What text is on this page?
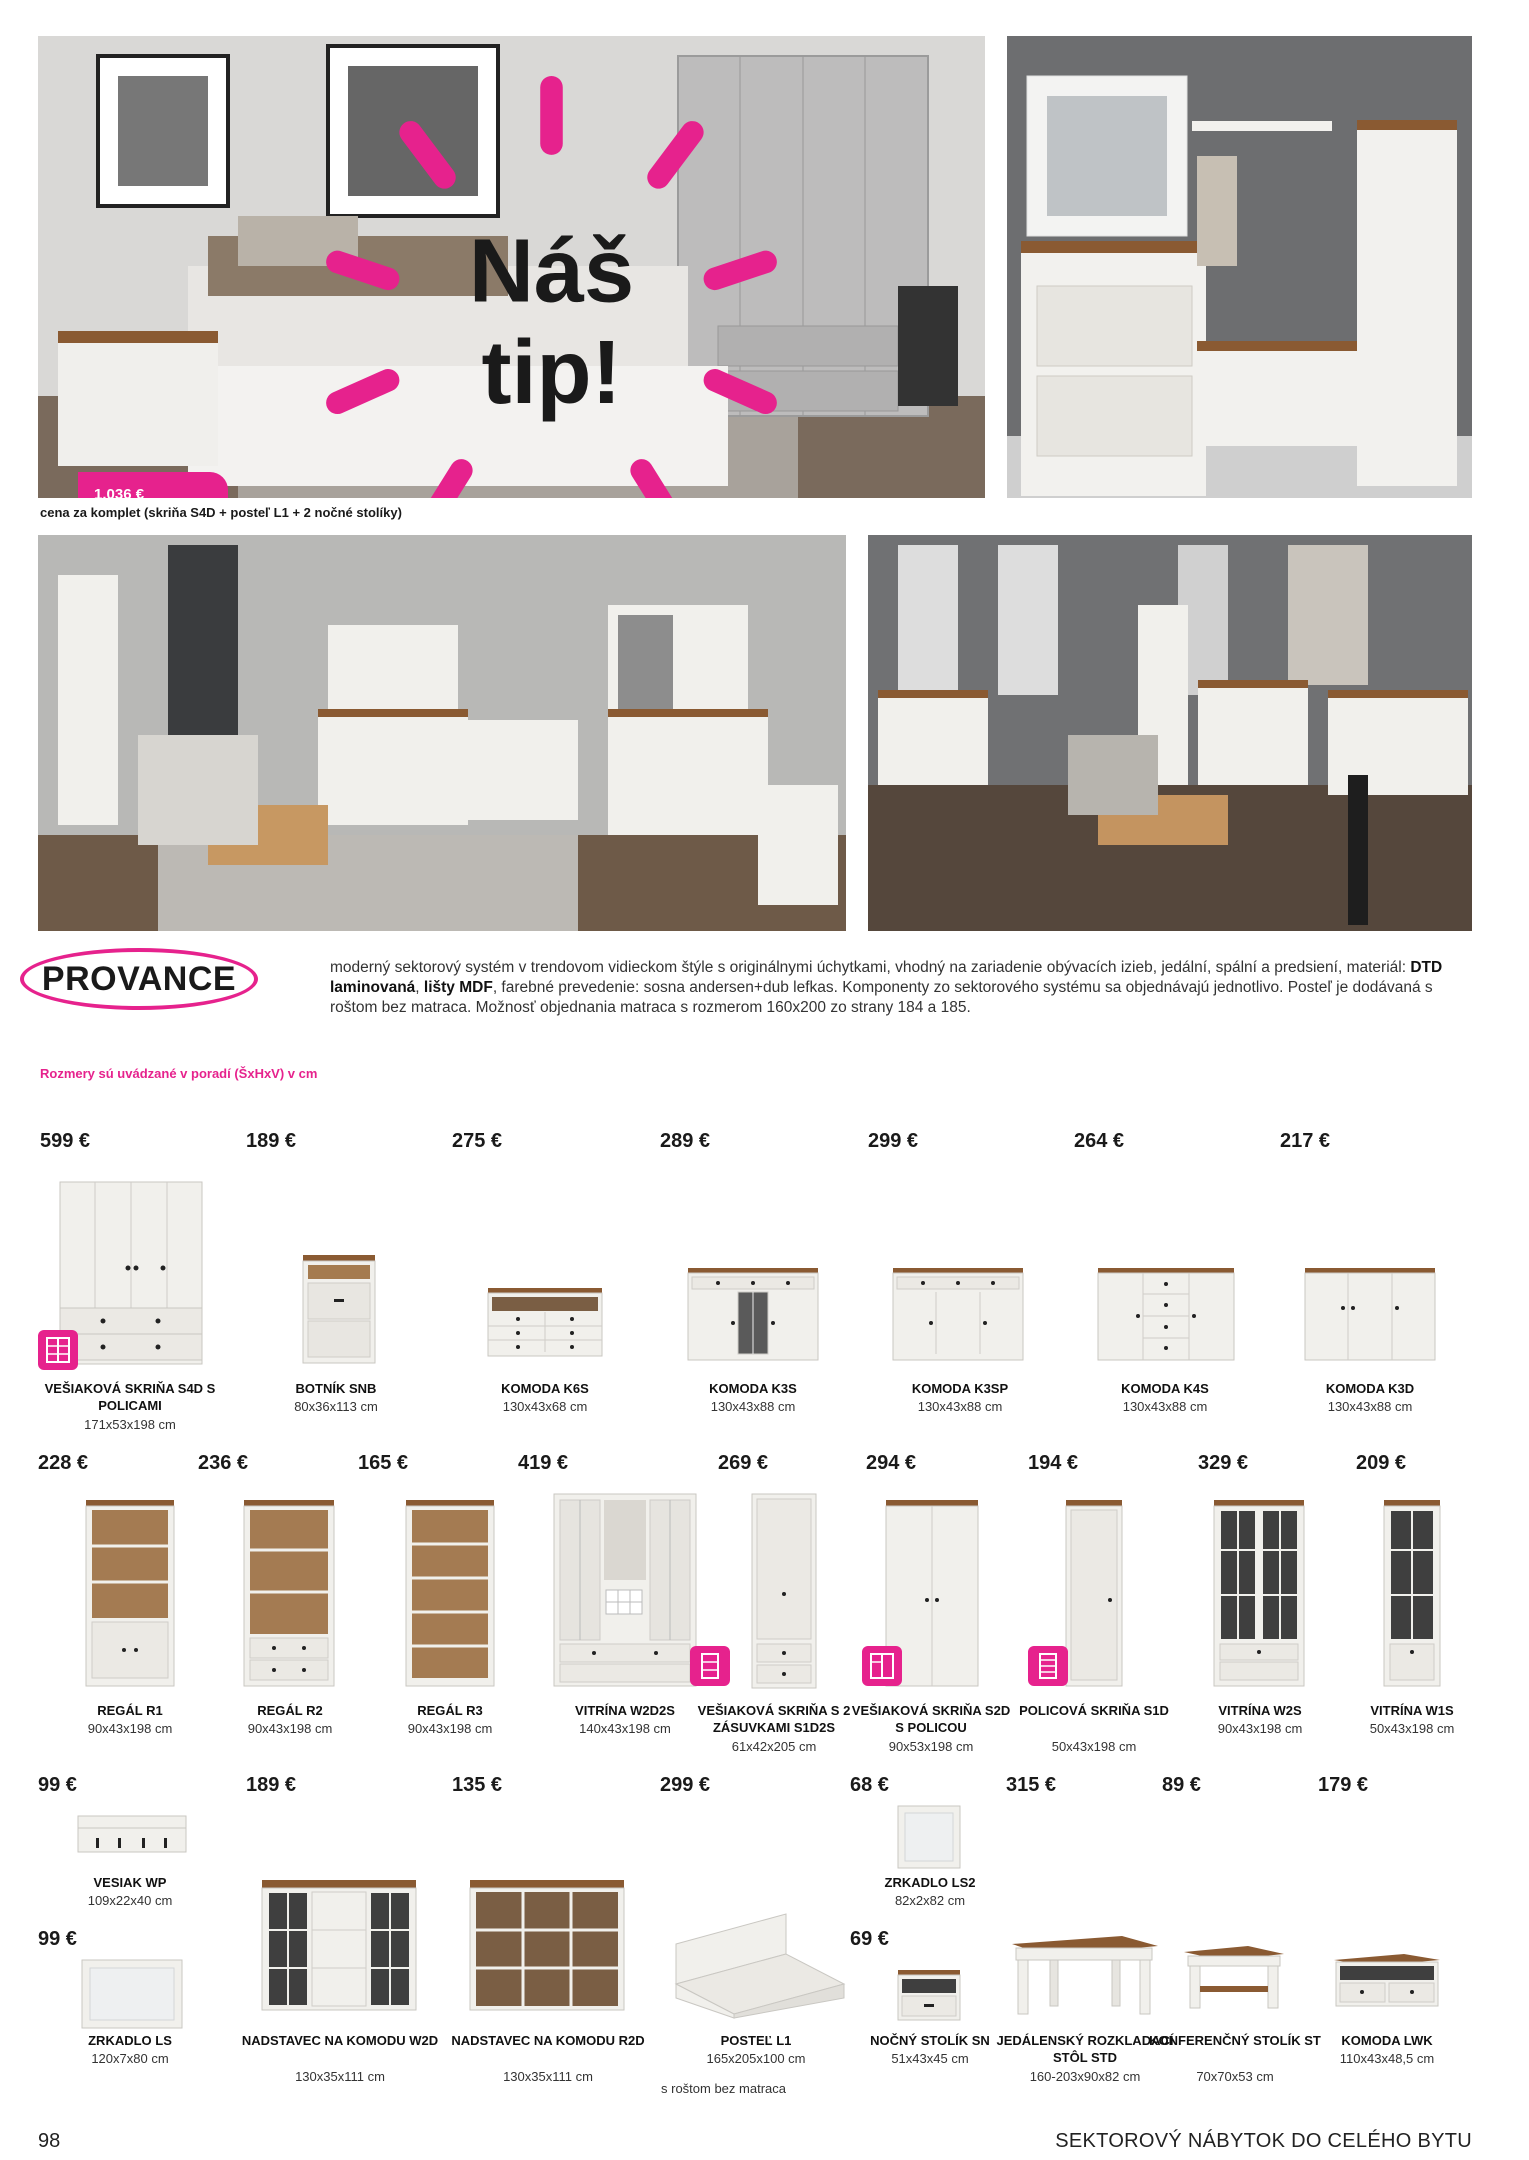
Náš
tip!
1.036 €
cena za komplet (skriňa S4D + posteľ L1 + 2 nočné stolíky)
PROVANCE	moderný sektorový systém v trendovom vidieckom štýle s originálnymi úchytkami, vhodný na zariadenie obývacích izieb, jedální, spální a predsiení, materiál: DTD laminovaná, lišty MDF, farebné prevedenie: sosna andersen+dub lefkas. Komponenty zo sektorového systému sa objednávajú jednotlivo. Posteľ je dodávaná s roštom bez matraca. Možnosť objednania matraca s rozmerom 160x200 zo strany 184 a 185.

Rozmery sú uvádzané v poradí (ŠxHxV) v cm
599 €
VEŠIAKOVÁ SKRIŇA S4D S POLICAMI
171x53x198 cm
189 €
BOTNÍK SNB
80x36x113 cm
275 €
KOMODA K6S
130x43x68 cm
289 €
KOMODA K3S
130x43x88 cm
299 €
KOMODA K3SP
130x43x88 cm
264 €
KOMODA K4S
130x43x88 cm
217 €
KOMODA K3D
130x43x88 cm
228 €
REGÁL R1
90x43x198 cm
236 €
REGÁL R2
90x43x198 cm
165 €
REGÁL R3
90x43x198 cm
419 €
VITRÍNA W2D2S
140x43x198 cm
269 €
VEŠIAKOVÁ SKRIŇA S 2 ZÁSUVKAMI S1D2S
61x42x205 cm
294 €
VEŠIAKOVÁ SKRIŇA S2D S POLICOU
90x53x198 cm
194 €
POLICOVÁ SKRIŇA S1D
50x43x198 cm
329 €
VITRÍNA W2S
90x43x198 cm
209 €
VITRÍNA W1S
50x43x198 cm
99 €
VESIAK WP
109x22x40 cm
99 €
ZRKADLO LS
120x7x80 cm
189 €
NADSTAVEC NA KOMODU W2D
130x35x111 cm
135 €
NADSTAVEC NA KOMODU R2D
130x35x111 cm
299 €
POSTEĽ L1
165x205x100 cm
s roštom bez matraca
68 €
ZRKADLO LS2
82x2x82 cm
69 €
NOČNÝ STOLÍK SN
51x43x45 cm
315 €
JEDÁLENSKÝ ROZKLADACÍ STÔL STD
160-203x90x82 cm
89 €
KONFERENČNÝ STOLÍK ST
70x70x53 cm
179 €
KOMODA LWK
110x43x48,5 cm
98	SEKTOROVÝ NÁBYTOK DO CELÉHO BYTU
